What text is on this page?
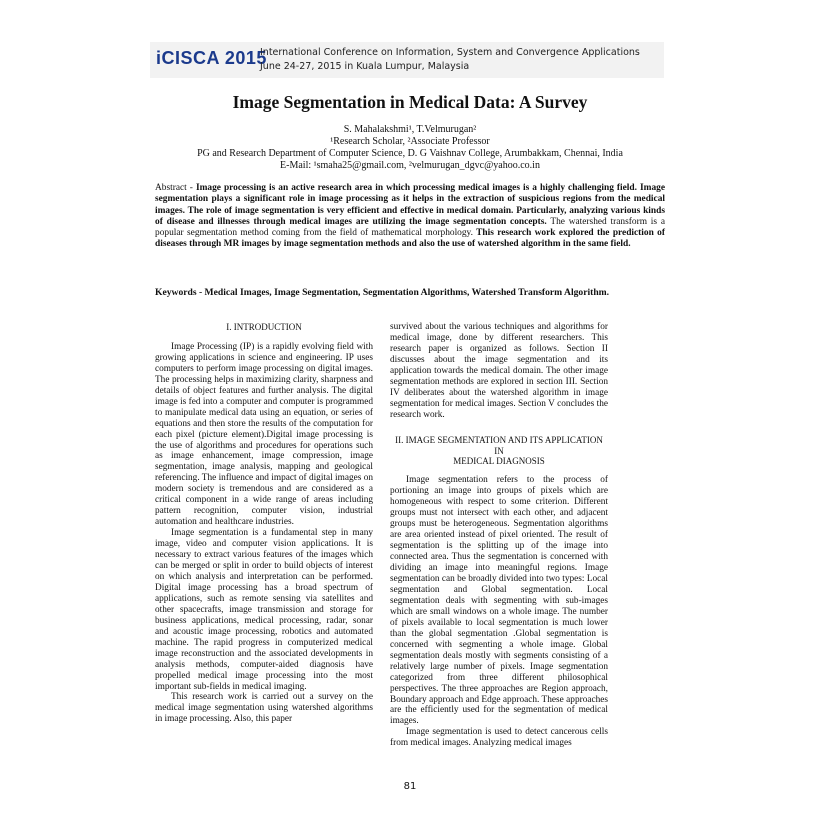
iCISCA 2015
International Conference on Information, System and Convergence Applications
June 24-27, 2015 in Kuala Lumpur, Malaysia
Image Segmentation in Medical Data: A Survey
S. Mahalakshmi¹, T.Velmurugan²
¹Research Scholar, ²Associate Professor
PG and Research Department of Computer Science, D. G Vaishnav College, Arumbakkam, Chennai, India
E-Mail: ¹smaha25@gmail.com, ²velmurugan_dgvc@yahoo.co.in
Abstract - Image processing is an active research area in which processing medical images is a highly challenging field. Image segmentation plays a significant role in image processing as it helps in the extraction of suspicious regions from the medical images. The role of image segmentation is very efficient and effective in medical domain. Particularly, analyzing various kinds of disease and illnesses through medical images are utilizing the image segmentation concepts. The watershed transform is a popular segmentation method coming from the field of mathematical morphology. This research work explored the prediction of diseases through MR images by image segmentation methods and also the use of watershed algorithm in the same field.
Keywords - Medical Images, Image Segmentation, Segmentation Algorithms, Watershed Transform Algorithm.
I. INTRODUCTION

Image Processing (IP) is a rapidly evolving field with growing applications in science and engineering. IP uses computers to perform image processing on digital images. The processing helps in maximizing clarity, sharpness and details of object features and further analysis. The digital image is fed into a computer and computer is programmed to manipulate medical data using an equation, or series of equations and then store the results of the computation for each pixel (picture element).Digital image processing is the use of algorithms and procedures for operations such as image enhancement, image compression, image segmentation, image analysis, mapping and geological referencing. The influence and impact of digital images on modern society is tremendous and are considered as a critical component in a wide range of areas including pattern recognition, computer vision, industrial automation and healthcare industries.

Image segmentation is a fundamental step in many image, video and computer vision applications. It is necessary to extract various features of the images which can be merged or split in order to build objects of interest on which analysis and interpretation can be performed. Digital image processing has a broad spectrum of applications, such as remote sensing via satellites and other spacecrafts, image transmission and storage for business applications, medical processing, radar, sonar and acoustic image processing, robotics and automated machine. The rapid progress in computerized medical image reconstruction and the associated developments in analysis methods, computer-aided diagnosis have propelled medical image processing into the most important sub-fields in medical imaging.

This research work is carried out a survey on the medical image segmentation using watershed algorithms in image processing. Also, this paper

survived about the various techniques and algorithms for medical image, done by different researchers. This research paper is organized as follows. Section II discusses about the image segmentation and its application towards the medical domain. The other image segmentation methods are explored in section III. Section IV deliberates about the watershed algorithm in image segmentation for medical images. Section V concludes the research work.

II. IMAGE SEGMENTATION AND ITS APPLICATION IN
MEDICAL DIAGNOSIS

Image segmentation refers to the process of portioning an image into groups of pixels which are homogeneous with respect to some criterion. Different groups must not intersect with each other, and adjacent groups must be heterogeneous. Segmentation algorithms are area oriented instead of pixel oriented. The result of segmentation is the splitting up of the image into connected area. Thus the segmentation is concerned with dividing an image into meaningful regions. Image segmentation can be broadly divided into two types: Local segmentation and Global segmentation. Local segmentation deals with segmenting with sub-images which are small windows on a whole image. The number of pixels available to local segmentation is much lower than the global segmentation .Global segmentation is concerned with segmenting a whole image. Global segmentation deals mostly with segments consisting of a relatively large number of pixels. Image segmentation categorized from three different philosophical perspectives. The three approaches are Region approach, Boundary approach and Edge approach. These approaches are the efficiently used for the segmentation of medical images.

Image segmentation is used to detect cancerous cells from medical images. Analyzing medical images

81
